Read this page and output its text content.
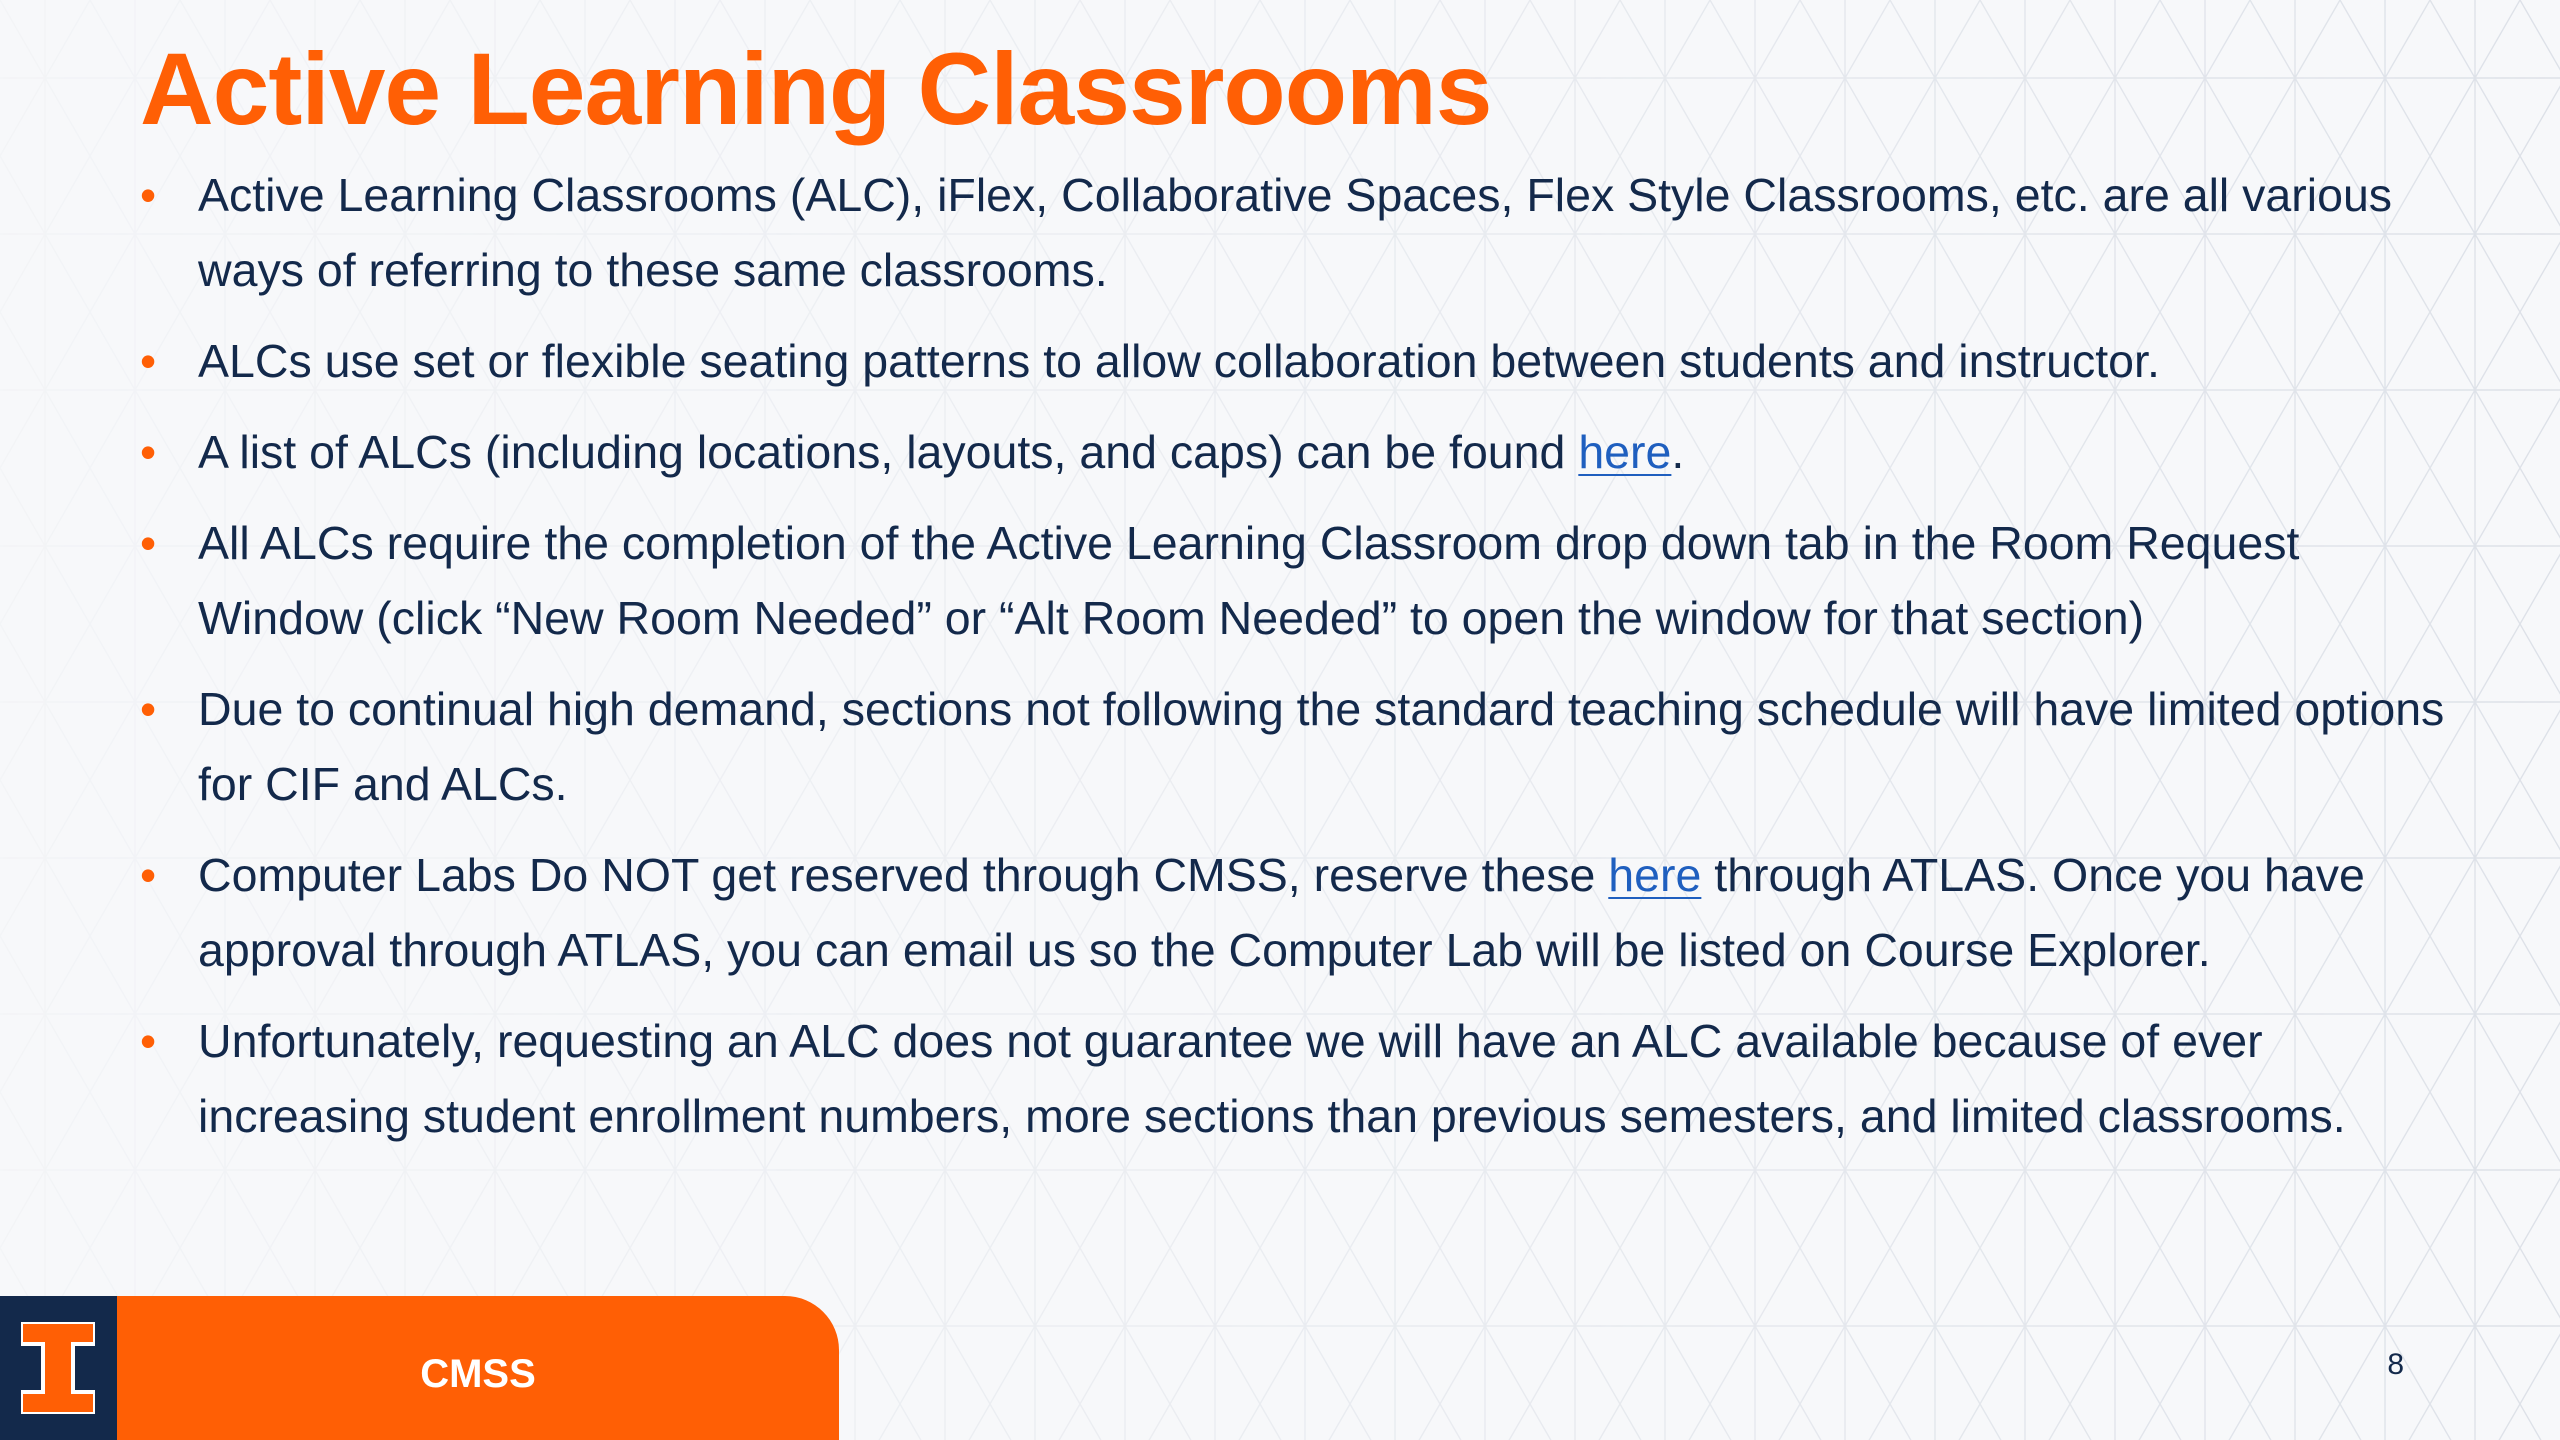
Active Learning Classrooms
• Active Learning Classrooms (ALC), iFlex, Collaborative Spaces, Flex Style Classrooms, etc. are all various ways of referring to these same classrooms.
• ALCs use set or flexible seating patterns to allow collaboration between students and instructor.
• A list of ALCs (including locations, layouts, and caps) can be found here.
• All ALCs require the completion of the Active Learning Classroom drop down tab in the Room Request Window (click “New Room Needed” or “Alt Room Needed” to open the window for that section)
• Due to continual high demand, sections not following the standard teaching schedule will have limited options for CIF and ALCs.
• Computer Labs Do NOT get reserved through CMSS, reserve these here through ATLAS. Once you have approval through ATLAS, you can email us so the Computer Lab will be listed on Course Explorer.
• Unfortunately, requesting an ALC does not guarantee we will have an ALC available because of ever increasing student enrollment numbers, more sections than previous semesters, and limited classrooms.
CMSS	8
